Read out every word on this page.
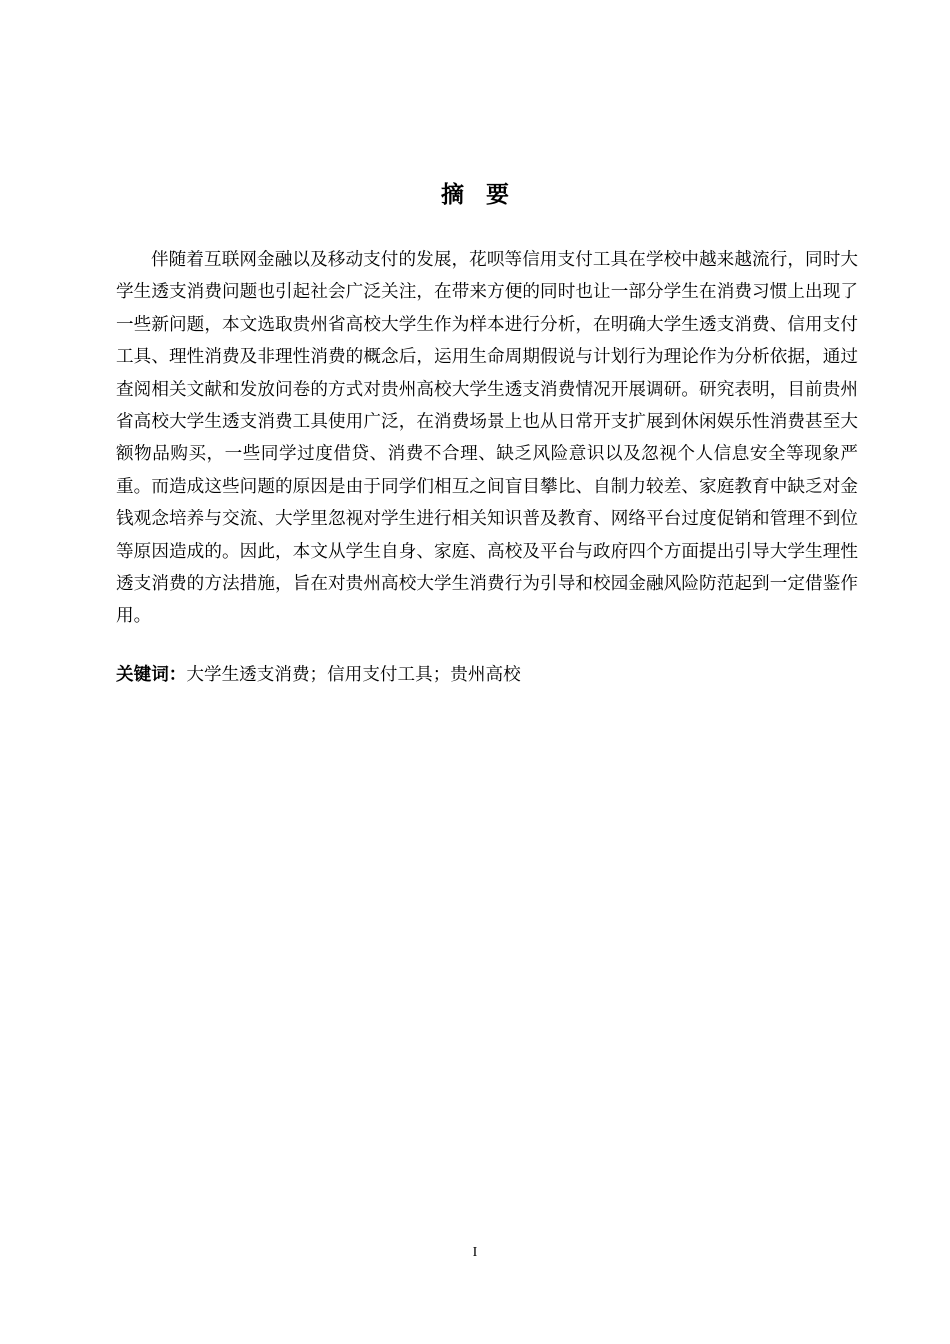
摘要

伴随着互联网金融以及移动支付的发展，花呗等信用支付工具在学校中越来越流行，同时大学生透支消费问题也引起社会广泛关注，在带来方便的同时也让一部分学生在消费习惯上出现了一些新问题，本文选取贵州省高校大学生作为样本进行分析，在明确大学生透支消费、信用支付工具、理性消费及非理性消费的概念后，运用生命周期假说与计划行为理论作为分析依据，通过查阅相关文献和发放问卷的方式对贵州高校大学生透支消费情况开展调研。研究表明，目前贵州省高校大学生透支消费工具使用广泛，在消费场景上也从日常开支扩展到休闲娱乐性消费甚至大额物品购买，一些同学过度借贷、消费不合理、缺乏风险意识以及忽视个人信息安全等现象严重。而造成这些问题的原因是由于同学们相互之间盲目攀比、自制力较差、家庭教育中缺乏对金钱观念培养与交流、大学里忽视对学生进行相关知识普及教育、网络平台过度促销和管理不到位等原因造成的。因此，本文从学生自身、家庭、高校及平台与政府四个方面提出引导大学生理性透支消费的方法措施，旨在对贵州高校大学生消费行为引导和校园金融风险防范起到一定借鉴作用。

关键词：大学生透支消费；信用支付工具；贵州高校
I
